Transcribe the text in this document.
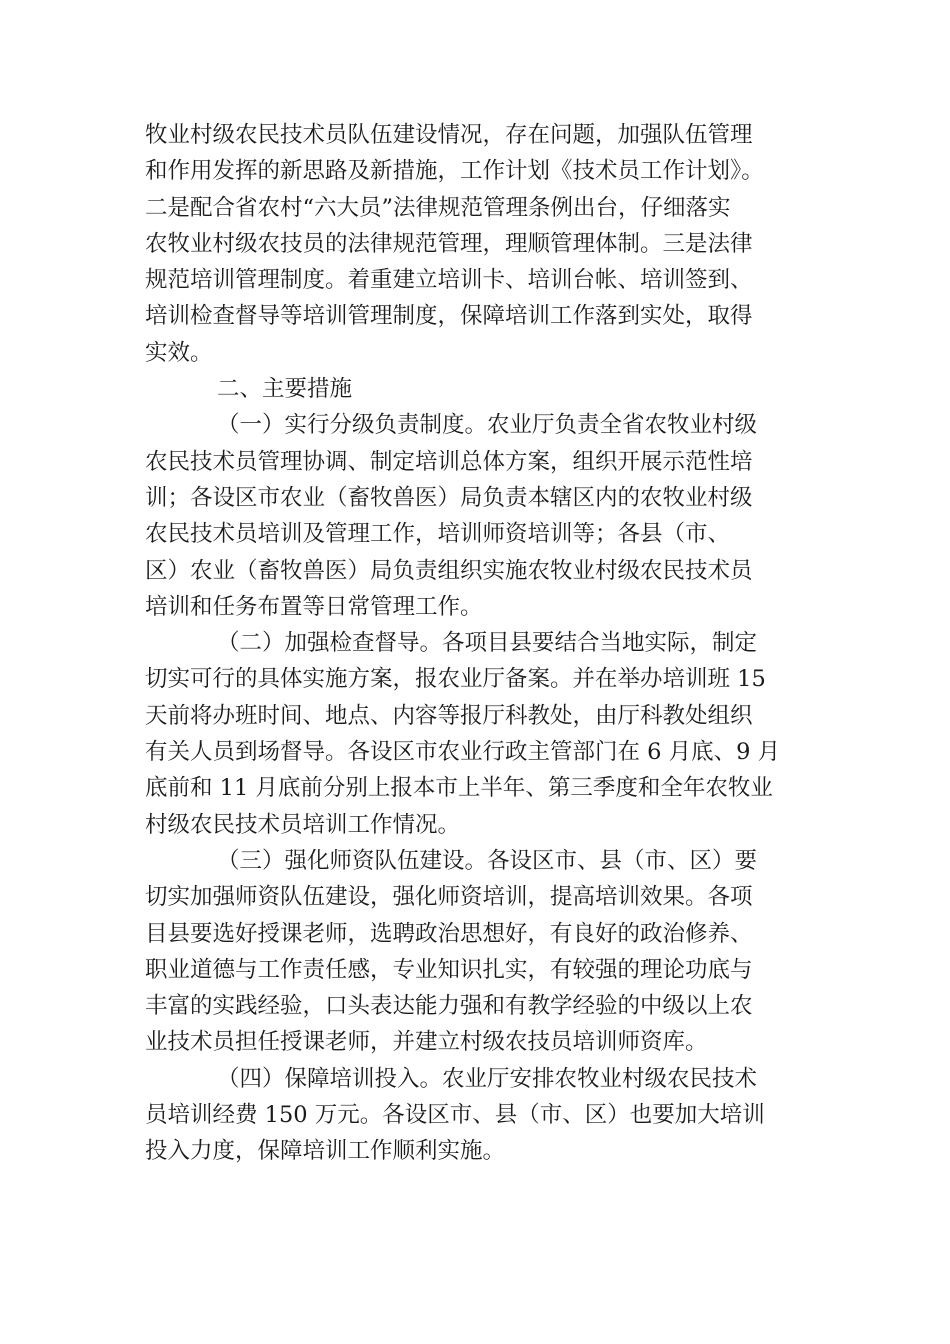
牧业村级农民技术员队伍建设情况，存在问题，加强队伍管理
和作用发挥的新思路及新措施，工作计划《技术员工作计划》。
二是配合省农村“六大员”法律规范管理条例出台，仔细落实
农牧业村级农技员的法律规范管理，理顺管理体制。三是法律
规范培训管理制度。着重建立培训卡、培训台帐、培训签到、
培训检查督导等培训管理制度，保障培训工作落到实处，取得
实效。
二、主要措施
（一）实行分级负责制度。农业厅负责全省农牧业村级
农民技术员管理协调、制定培训总体方案，组织开展示范性培
训；各设区市农业（畜牧兽医）局负责本辖区内的农牧业村级
农民技术员培训及管理工作，培训师资培训等；各县（市、
区）农业（畜牧兽医）局负责组织实施农牧业村级农民技术员
培训和任务布置等日常管理工作。
（二）加强检查督导。各项目县要结合当地实际，制定
切实可行的具体实施方案，报农业厅备案。并在举办培训班 15
天前将办班时间、地点、内容等报厅科教处，由厅科教处组织
有关人员到场督导。各设区市农业行政主管部门在 6 月底、9 月
底前和 11 月底前分别上报本市上半年、第三季度和全年农牧业
村级农民技术员培训工作情况。
（三）强化师资队伍建设。各设区市、县（市、区）要
切实加强师资队伍建设，强化师资培训，提高培训效果。各项
目县要选好授课老师，选聘政治思想好，有良好的政治修养、
职业道德与工作责任感，专业知识扎实，有较强的理论功底与
丰富的实践经验，口头表达能力强和有教学经验的中级以上农
业技术员担任授课老师，并建立村级农技员培训师资库。
（四）保障培训投入。农业厅安排农牧业村级农民技术
员培训经费 150 万元。各设区市、县（市、区）也要加大培训
投入力度，保障培训工作顺利实施。
